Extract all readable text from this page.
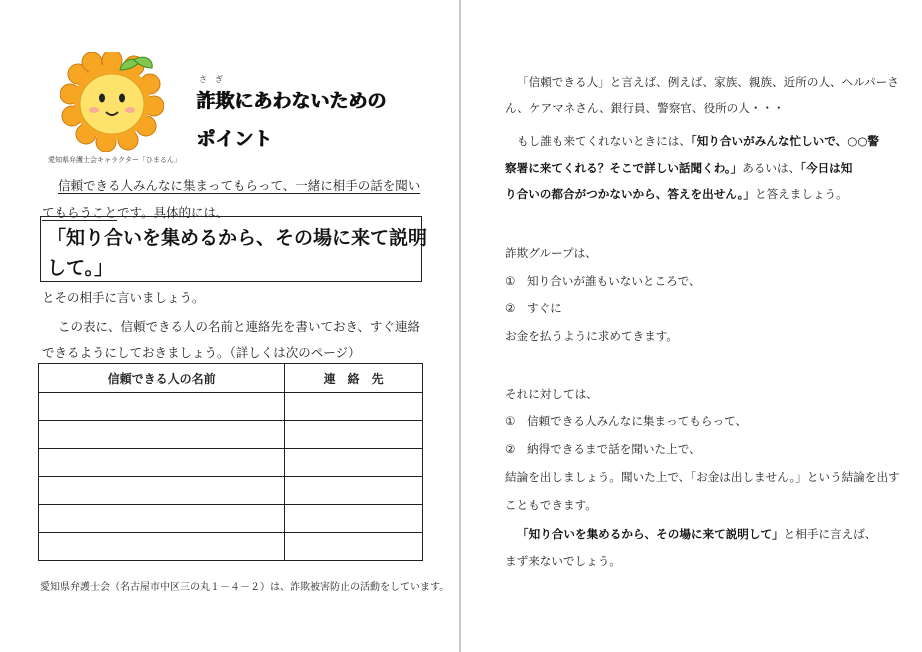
愛知県弁護士会キャラクター「ひまるん」
さ　ぎ
詐欺にあわないための
ポイント
信頼できる人みんなに集まってもらって、一緒に相手の話を聞い
てもらうことです。具体的には、
「知り合いを集めるから、その場に来て説明
して。」
とその相手に言いましょう。
この表に、信頼できる人の名前と連絡先を書いておき、すぐ連絡
できるようにしておきましょう。（詳しくは次のページ）
信頼できる人の名前	連　絡　先

愛知県弁護士会（名古屋市中区三の丸１－４－２）は、詐欺被害防止の活動をしています。
「信頼できる人」と言えば、例えば、家族、親族、近所の人、ヘルパーさ
ん、ケアマネさん、銀行員、警察官、役所の人・・・
もし誰も来てくれないときには、「知り合いがみんな忙しいで、○○警
察署に来てくれる？そこで詳しい話聞くわ。」あるいは、「今日は知
り合いの都合がつかないから、答えを出せん。」と答えましょう。
詐欺グループは、
①　知り合いが誰もいないところで、
②　すぐに
お金を払うように求めてきます。
それに対しては、
①　信頼できる人みんなに集まってもらって、
②　納得できるまで話を聞いた上で、
結論を出しましょう。聞いた上で、「お金は出しません。」という結論を出す
こともできます。
「知り合いを集めるから、その場に来て説明して」と相手に言えば、
まず来ないでしょう。
